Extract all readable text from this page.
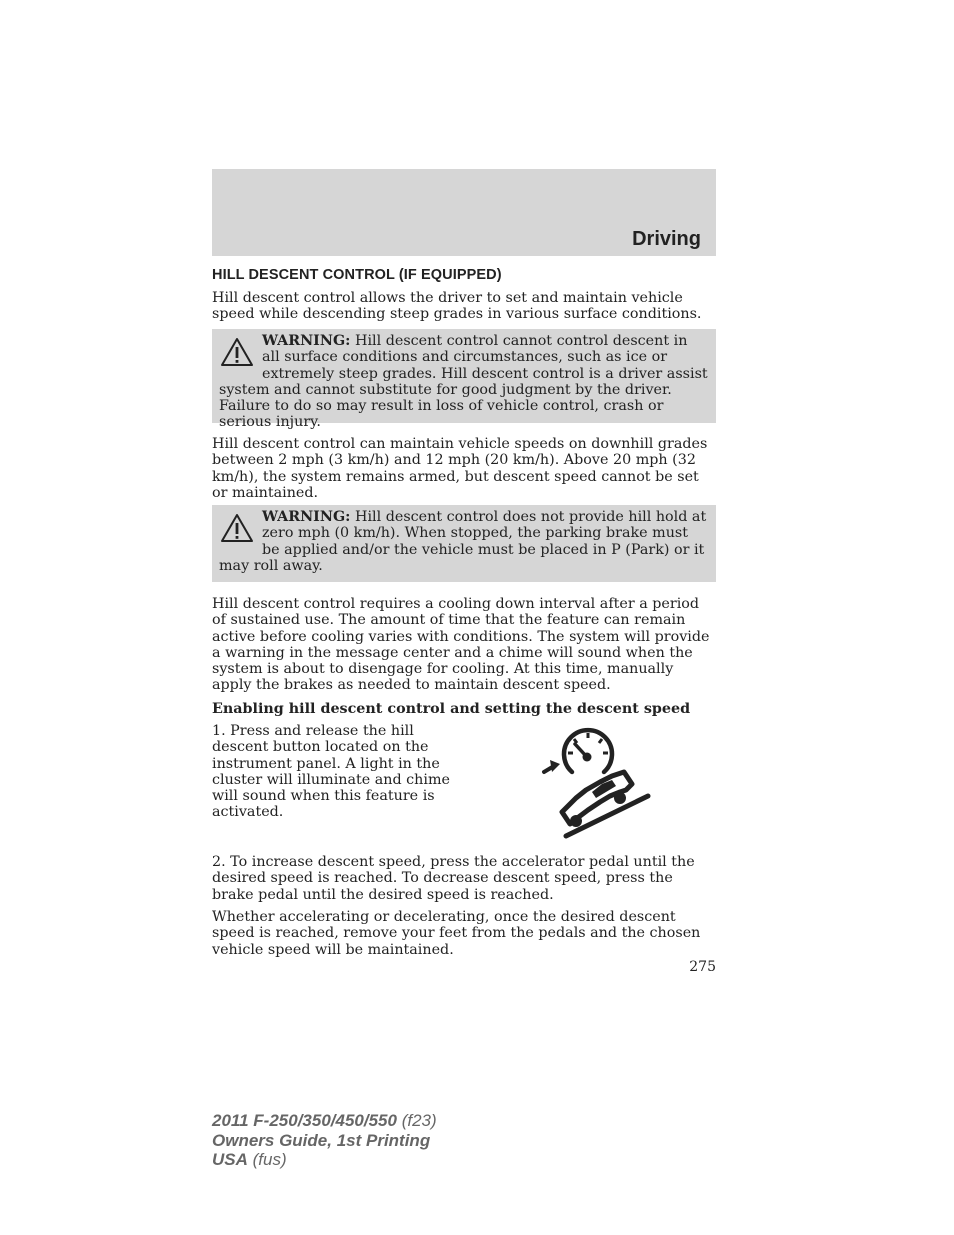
Driving
HILL DESCENT CONTROL (IF EQUIPPED)

Hill descent control allows the driver to set and maintain vehicle speed while descending steep grades in various surface conditions.

WARNING: Hill descent control cannot control descent in all surface conditions and circumstances, such as ice or extremely steep grades. Hill descent control is a driver assist system and cannot substitute for good judgment by the driver. Failure to do so may result in loss of vehicle control, crash or serious injury.

Hill descent control can maintain vehicle speeds on downhill grades between 2 mph (3 km/h) and 12 mph (20 km/h). Above 20 mph (32 km/h), the system remains armed, but descent speed cannot be set or maintained.

WARNING: Hill descent control does not provide hill hold at zero mph (0 km/h). When stopped, the parking brake must be applied and/or the vehicle must be placed in P (Park) or it may roll away.

Hill descent control requires a cooling down interval after a period of sustained use. The amount of time that the feature can remain active before cooling varies with conditions. The system will provide a warning in the message center and a chime will sound when the system is about to disengage for cooling. At this time, manually apply the brakes as needed to maintain descent speed.

Enabling hill descent control and setting the descent speed

1. Press and release the hill descent button located on the instrument panel. A light in the cluster will illuminate and chime will sound when this feature is activated.

2. To increase descent speed, press the accelerator pedal until the desired speed is reached. To decrease descent speed, press the brake pedal until the desired speed is reached.

Whether accelerating or decelerating, once the desired descent speed is reached, remove your feet from the pedals and the chosen vehicle speed will be maintained.

275
2011 F-250/350/450/550 (f23)
Owners Guide, 1st Printing
USA (fus)
